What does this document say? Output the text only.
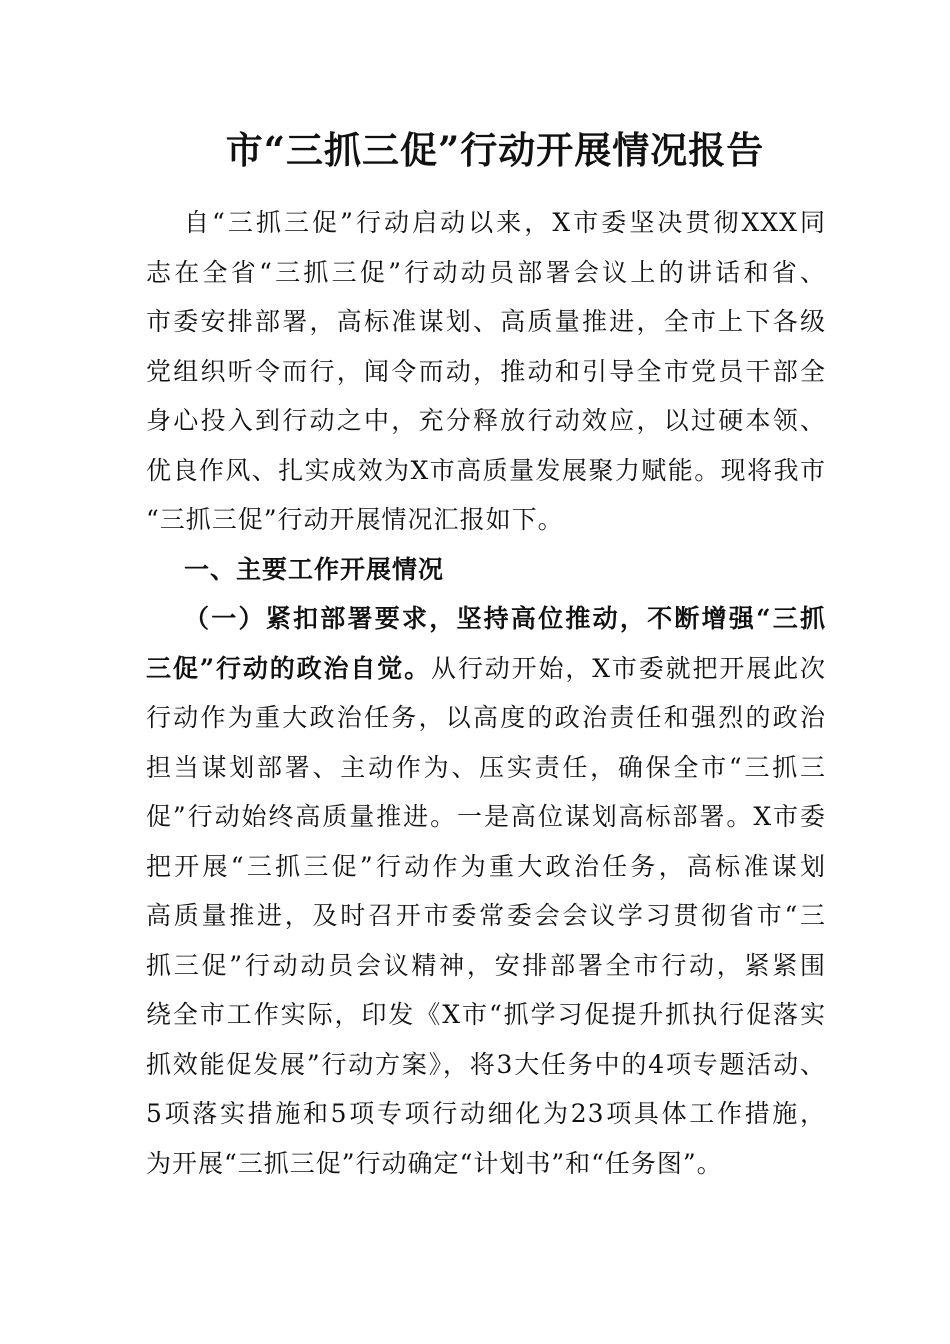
市“三抓三促”行动开展情况报告
自“三抓三促”行动启动以来，X市委坚决贯彻XXX同
志在全省“三抓三促”行动动员部署会议上的讲话和省、
市委安排部署，高标准谋划、高质量推进，全市上下各级
党组织听令而行，闻令而动，推动和引导全市党员干部全
身心投入到行动之中，充分释放行动效应，以过硬本领、
优良作风、扎实成效为X市高质量发展聚力赋能。现将我市
“三抓三促”行动开展情况汇报如下。
一、主要工作开展情况
（一）紧扣部署要求，坚持高位推动，不断增强“三抓
三促”行动的政治自觉。从行动开始，X市委就把开展此次
行动作为重大政治任务，以高度的政治责任和强烈的政治
担当谋划部署、主动作为、压实责任，确保全市“三抓三
促”行动始终高质量推进。一是高位谋划高标部署。X市委
把开展“三抓三促”行动作为重大政治任务，高标准谋划
高质量推进，及时召开市委常委会会议学习贯彻省市“三
抓三促”行动动员会议精神，安排部署全市行动，紧紧围
绕全市工作实际，印发《X市“抓学习促提升抓执行促落实
抓效能促发展”行动方案》，将3大任务中的4项专题活动、
5项落实措施和5项专项行动细化为23项具体工作措施，
为开展“三抓三促”行动确定“计划书”和“任务图”。
